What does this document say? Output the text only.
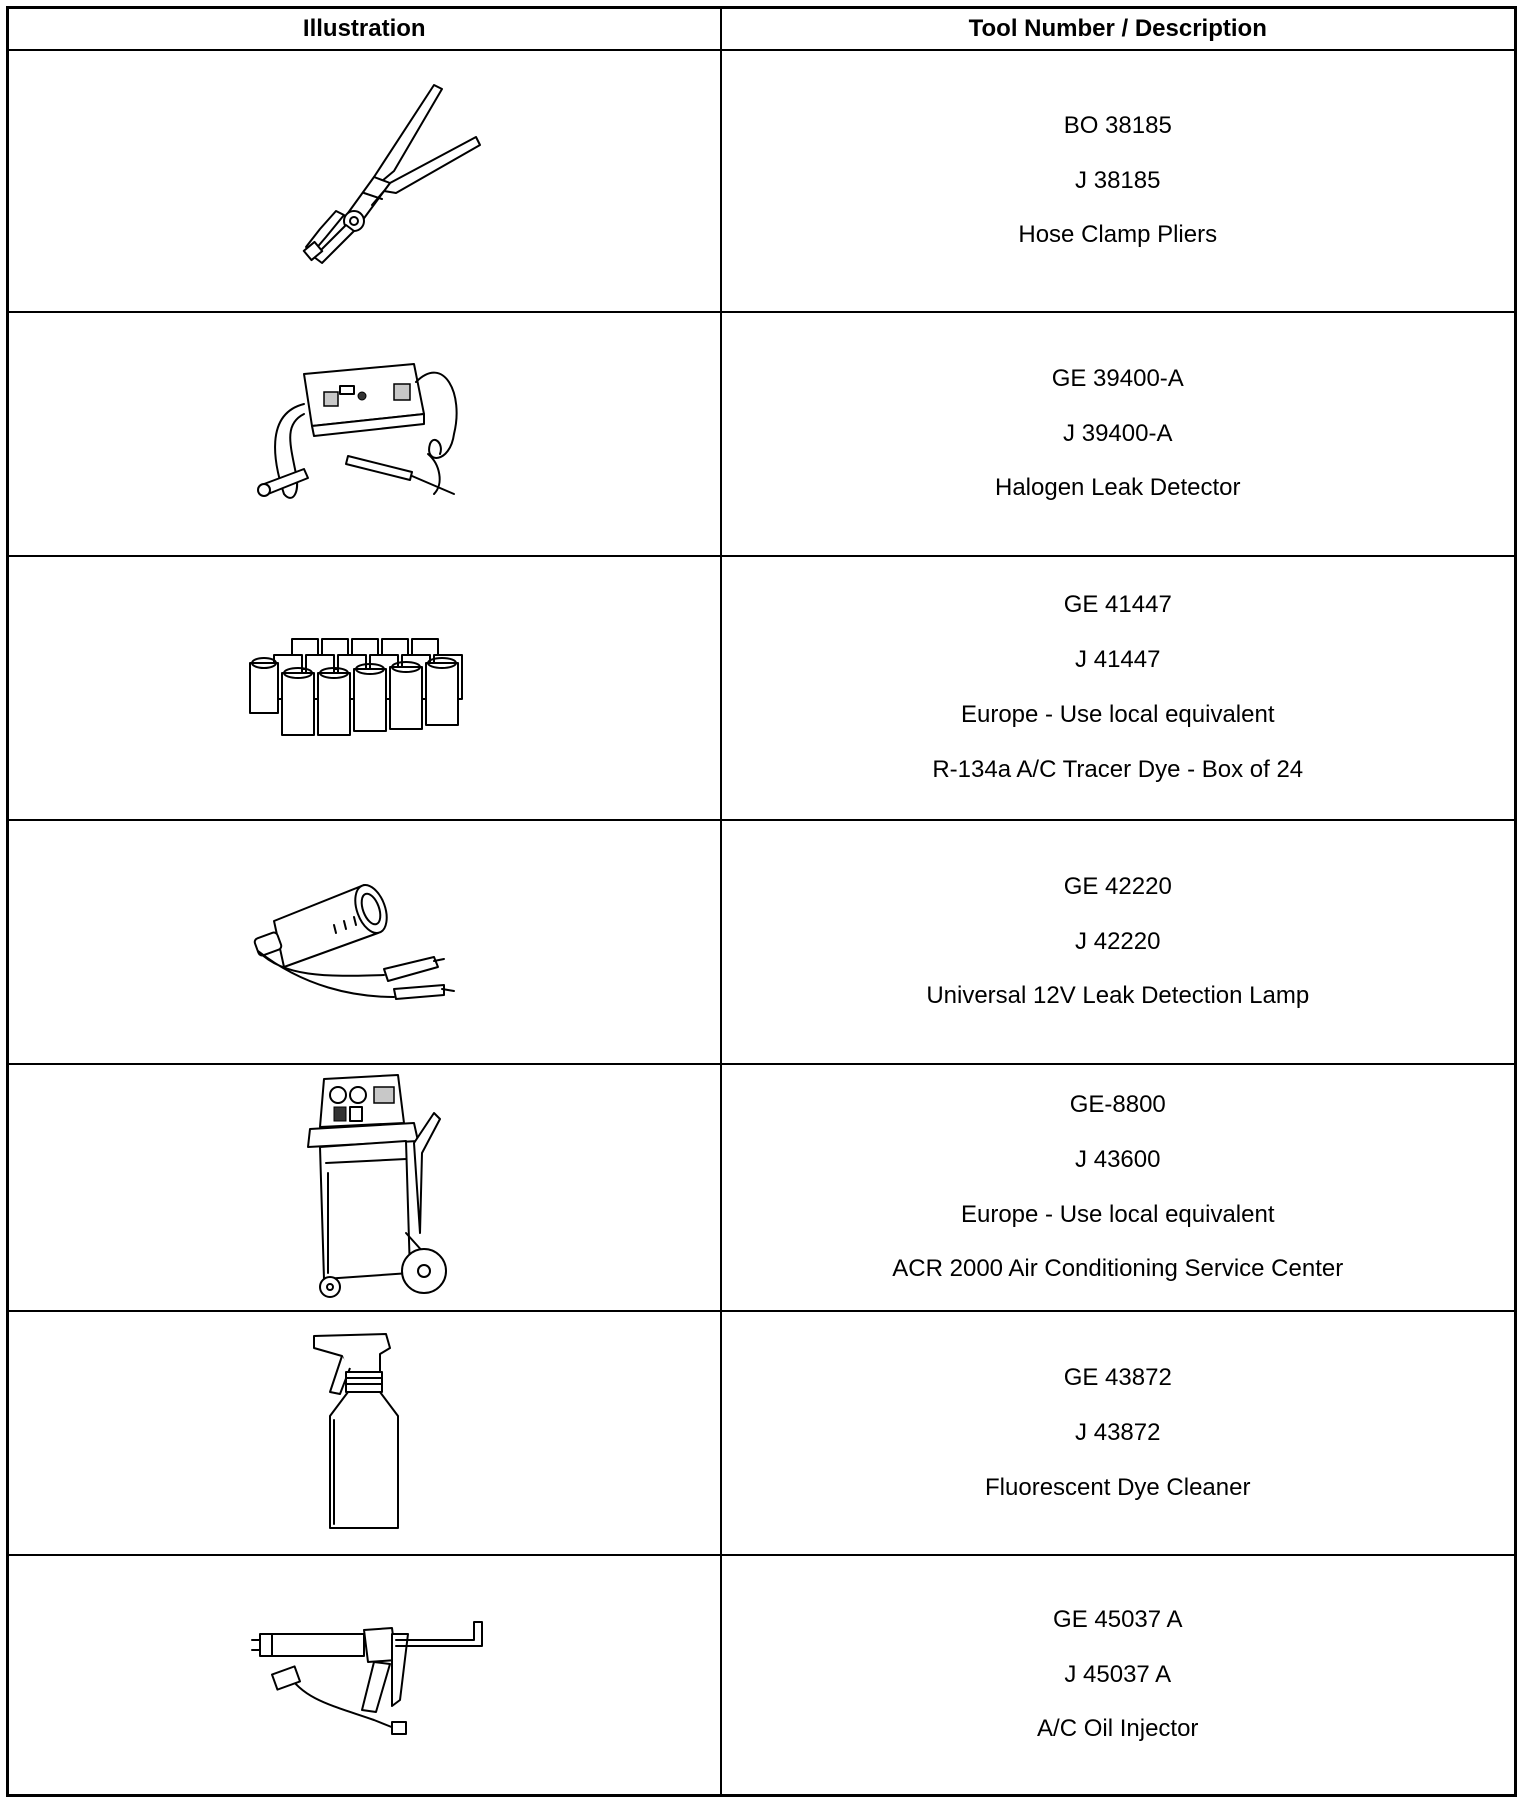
Illustration	Tool Number / Description

BO 38185
J 38185
Hose Clamp Pliers

GE 39400-A
J 39400-A
Halogen Leak Detector

GE 41447
J 41447
Europe - Use local equivalent
R-134a A/C Tracer Dye - Box of 24

GE 42220
J 42220
Universal 12V Leak Detection Lamp

GE-8800
J 43600
Europe - Use local equivalent
ACR 2000 Air Conditioning Service Center

GE 43872
J 43872
Fluorescent Dye Cleaner

GE 45037 A
J 45037 A
A/C Oil Injector
